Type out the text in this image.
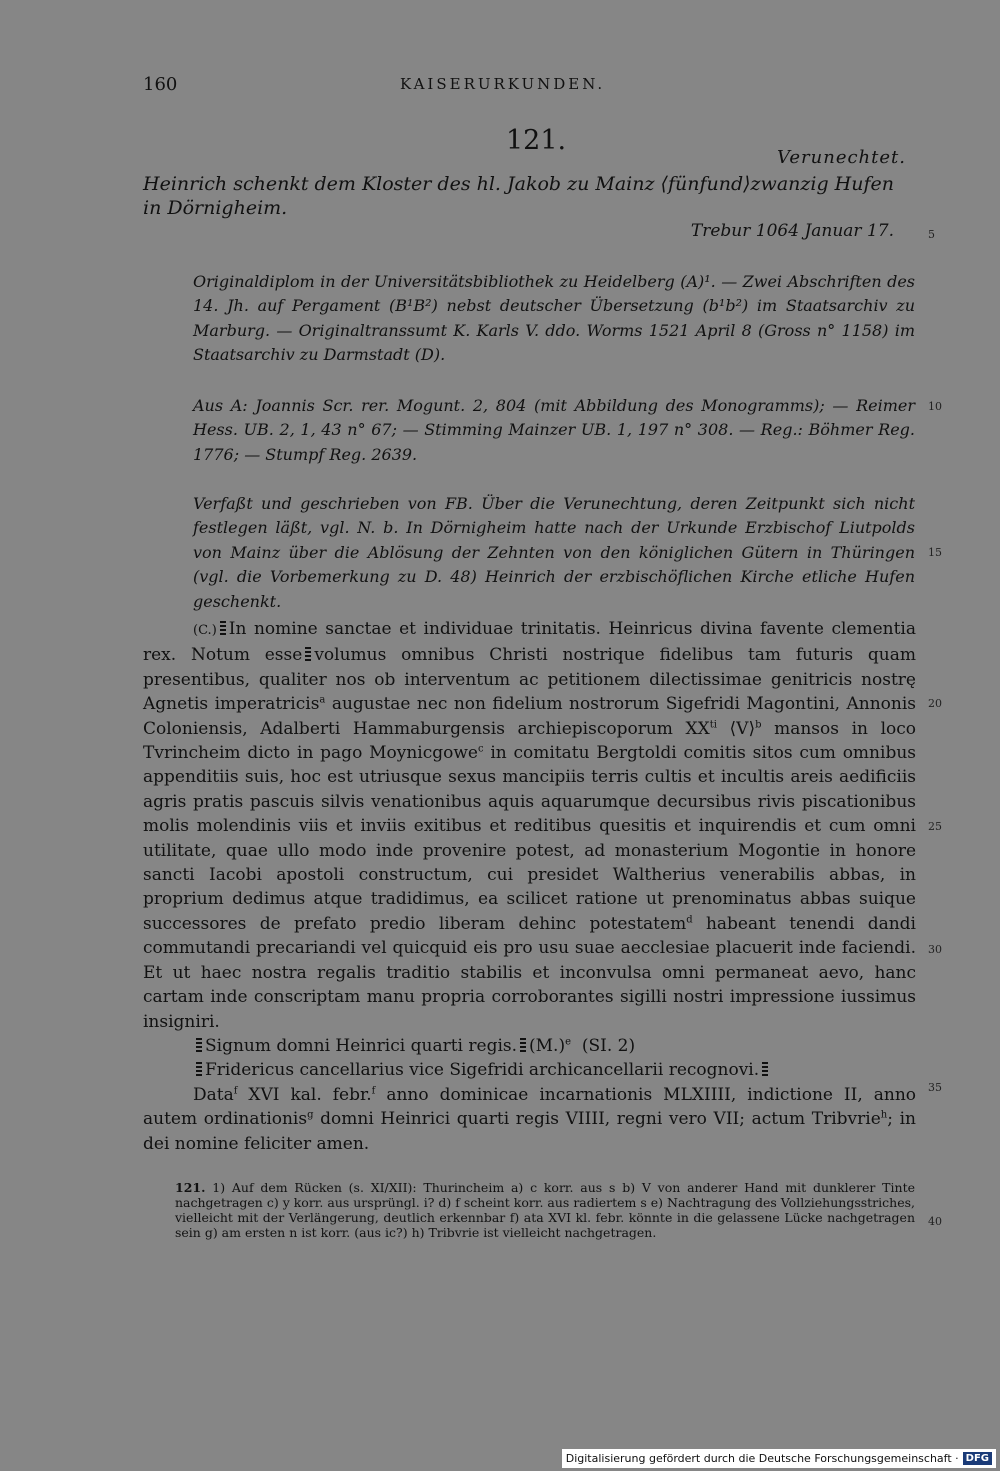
160	KAISERURKUNDEN.
121.
Verunechtet.
Heinrich schenkt dem Kloster des hl. Jakob zu Mainz ⟨fünfund⟩zwanzig Hufen in Dörnigheim.
Trebur 1064 Januar 17.	5
10
15
20
25
30
35
40
Originaldiplom in der Universitätsbibliothek zu Heidelberg (A)¹. — Zwei Abschriften des 14. Jh. auf Pergament (B¹B²) nebst deutscher Übersetzung (b¹b²) im Staatsarchiv zu Marburg. — Originaltranssumt K. Karls V. ddo. Worms 1521 April 8 (Gross n° 1158) im Staatsarchiv zu Darmstadt (D).
Aus A: Joannis Scr. rer. Mogunt. 2, 804 (mit Abbildung des Monogramms); — Reimer Hess. UB. 2, 1, 43 n° 67; — Stimming Mainzer UB. 1, 197 n° 308. — Reg.: Böhmer Reg. 1776; — Stumpf Reg. 2639.
Verfaßt und geschrieben von FB. Über die Verunechtung, deren Zeitpunkt sich nicht festlegen läßt, vgl. N. b. In Dörnigheim hatte nach der Urkunde Erzbischof Liutpolds von Mainz über die Ablösung der Zehnten von den königlichen Gütern in Thüringen (vgl. die Vorbemerkung zu D. 48) Heinrich der erzbischöflichen Kirche etliche Hufen geschenkt.

(C.) In nomine sanctae et individuae trinitatis. Heinricus divina favente clementia rex. Notum esse volumus omnibus Christi nostrique fidelibus tam futuris quam presentibus, qualiter nos ob interventum ac petitionem dilectissimae genitricis nostrę Agnetis imperatricis$^a$ augustae nec non fidelium nostrorum Sigefridi Magontini, Annonis Coloniensis, Adalberti Hammaburgensis archiepiscoporum $XX^{ti}$ ⟨V⟩$^b$ mansos in loco Tvrincheim dicto in pago Moynicgowe$^c$ in comitatu Bergtoldi comitis sitos cum omnibus appenditiis suis, hoc est utriusque sexus mancipiis terris cultis et incultis areis aedificiis agris pratis pascuis silvis venationibus aquis aquarumque decursibus rivis piscationibus molis molendinis viis et inviis exitibus et reditibus quesitis et inquirendis et cum omni utilitate, quae ullo modo inde provenire potest, ad monasterium Mogontie in honore sancti Iacobi apostoli constructum, cui presidet Waltherius venerabilis abbas, in proprium dedimus atque tradidimus, ea scilicet ratione ut prenominatus abbas suique successores de prefato predio liberam dehinc potestatem$^d$ habeant tenendi dandi commutandi precariandi vel quicquid eis pro usu suae aecclesiae placuerit inde faciendi. Et ut haec nostra regalis traditio stabilis et inconvulsa omni permaneat aevo, hanc cartam inde conscriptam manu propria corroborantes sigilli nostri impressione iussimus insigniri.

Signum domni Heinrici quarti regis. $(M.)^e$ (SI. 2)

Fridericus cancellarius vice Sigefridi archicancellarii recognovi.

Data$^f$ XVI kal. febr.$^f$ anno dominicae incarnationis MLXIIII, indictione II, anno autem ordinationis$^g$ domni Heinrici quarti regis VIIII, regni vero VII; actum Tribvrie$^h$; in dei nomine feliciter amen.

121. 1) Auf dem Rücken (s. XI/XII): Thurincheim a) c korr. aus s b) V von anderer Hand mit dunklerer Tinte nachgetragen c) y korr. aus ursprüngl. i? d) f scheint korr. aus radiertem s e) Nachtragung des Vollziehungsstriches, vielleicht mit der Verlängerung, deutlich erkennbar f) ata XVI kl. febr. könnte in die gelassene Lücke nachgetragen sein g) am ersten n ist korr. (aus ic?) h) Tribvrie ist vielleicht nachgetragen.
Digitalisierung gefördert durch die Deutsche Forschungsgemeinschaft · DFG
